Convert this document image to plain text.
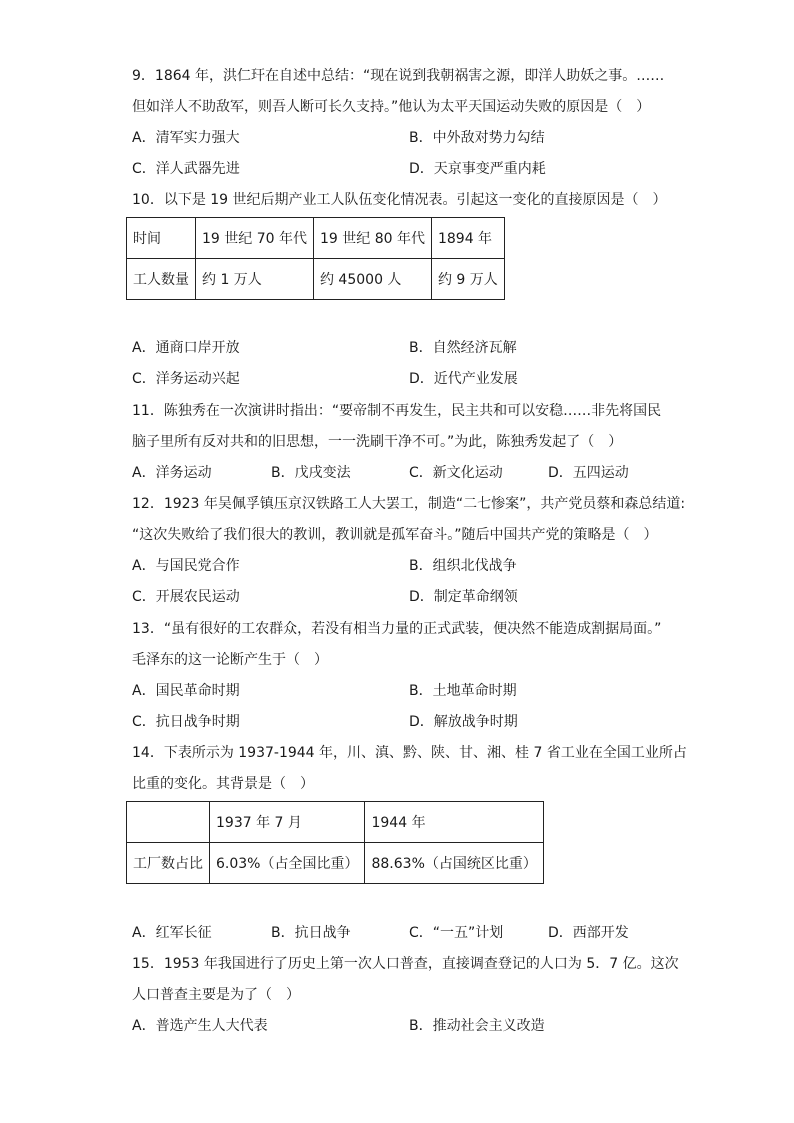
9．1864 年，洪仁玕在自述中总结：“现在说到我朝祸害之源，即洋人助妖之事。……
但如洋人不助敌军，则吾人断可长久支持。”他认为太平天国运动失败的原因是（　）
A．清军实力强大	B．中外敌对势力勾结
C．洋人武器先进	D．天京事变严重内耗
10．以下是 19 世纪后期产业工人队伍变化情况表。引起这一变化的直接原因是（　）
时间	19 世纪 70 年代	19 世纪 80 年代	1894 年
工人数量	约 1 万人	约 45000 人	约 9 万人
A．通商口岸开放	B．自然经济瓦解
C．洋务运动兴起	D．近代产业发展
11．陈独秀在一次演讲时指出：“要帝制不再发生，民主共和可以安稳……非先将国民
脑子里所有反对共和的旧思想，一一洗刷干净不可。”为此，陈独秀发起了（　）
A．洋务运动	B．戊戌变法	C．新文化运动	D．五四运动
12．1923 年吴佩孚镇压京汉铁路工人大罢工，制造“二七惨案”，共产党员蔡和森总结道:
“这次失败给了我们很大的教训，教训就是孤军奋斗。”随后中国共产党的策略是（　）
A．与国民党合作	B．组织北伐战争
C．开展农民运动	D．制定革命纲领
13．“虽有很好的工农群众，若没有相当力量的正式武装，便决然不能造成割据局面。”
毛泽东的这一论断产生于（　）
A．国民革命时期	B．土地革命时期
C．抗日战争时期	D．解放战争时期
14．下表所示为 1937-1944 年，川、滇、黔、陕、甘、湘、桂 7 省工业在全国工业所占
比重的变化。其背景是（　）
	1937 年 7 月	1944 年
工厂数占比	6.03%（占全国比重）	88.63%（占国统区比重）
A．红军长征	B．抗日战争	C．“一五”计划	D．西部开发
15．1953 年我国进行了历史上第一次人口普查，直接调查登记的人口为 5．7 亿。这次
人口普查主要是为了（　）
A．普选产生人大代表	B．推动社会主义改造
